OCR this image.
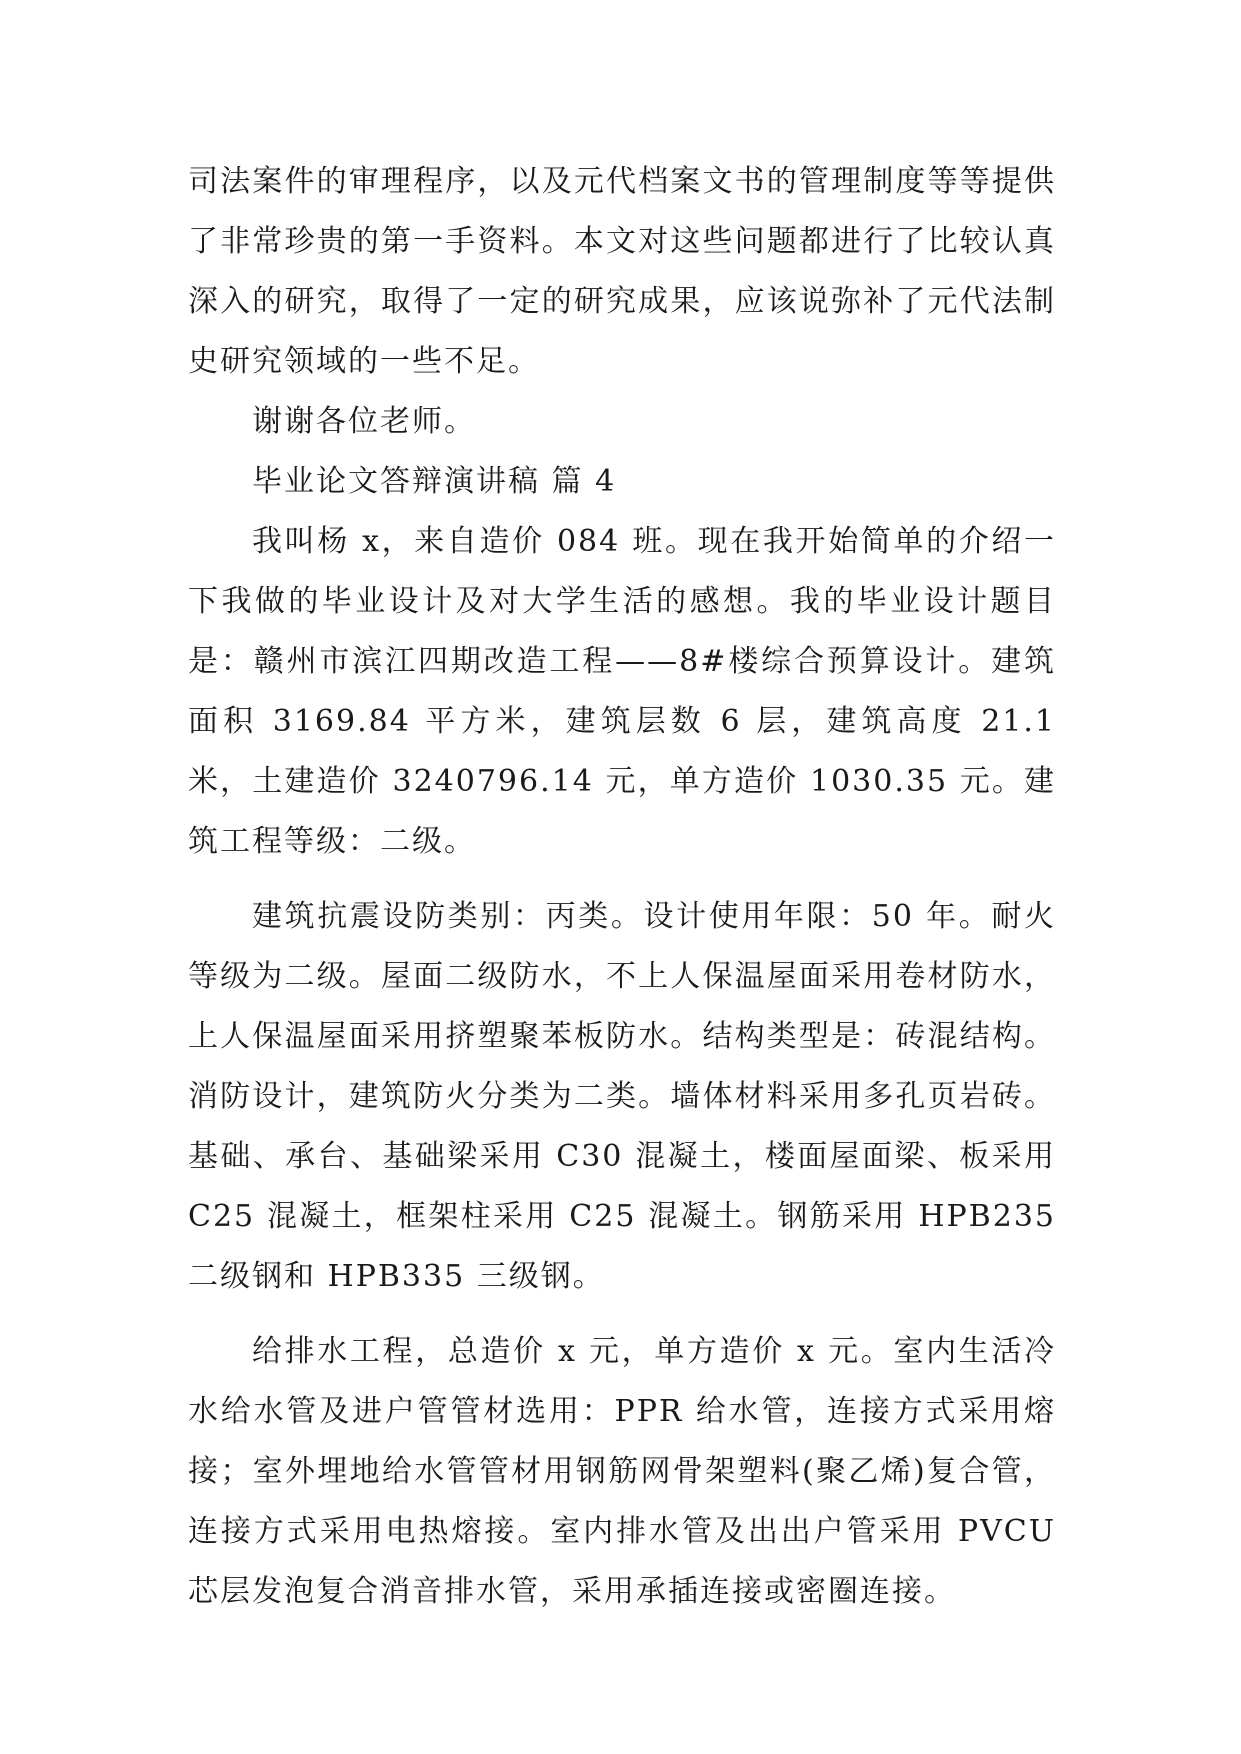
司法案件的审理程序，以及元代档案文书的管理制度等等提供了非常珍贵的第一手资料。本文对这些问题都进行了比较认真深入的研究，取得了一定的研究成果，应该说弥补了元代法制史研究领域的一些不足。

谢谢各位老师。

毕业论文答辩演讲稿 篇 4

我叫杨 x，来自造价 084 班。现在我开始简单的介绍一下我做的毕业设计及对大学生活的感想。我的毕业设计题目是：赣州市滨江四期改造工程——8#楼综合预算设计。建筑面积 3169.84 平方米，建筑层数 6 层，建筑高度 21.1 米，土建造价 3240796.14 元，单方造价 1030.35 元。建筑工程等级：二级。

建筑抗震设防类别：丙类。设计使用年限：50 年。耐火等级为二级。屋面二级防水，不上人保温屋面采用卷材防水，上人保温屋面采用挤塑聚苯板防水。结构类型是：砖混结构。消防设计，建筑防火分类为二类。墙体材料采用多孔页岩砖。基础、承台、基础梁采用 C30 混凝土，楼面屋面梁、板采用 C25 混凝土，框架柱采用 C25 混凝土。钢筋采用 HPB235 二级钢和 HPB335 三级钢。

给排水工程，总造价 x 元，单方造价 x 元。室内生活冷水给水管及进户管管材选用：PPR 给水管，连接方式采用熔接；室外埋地给水管管材用钢筋网骨架塑料(聚乙烯)复合管，连接方式采用电热熔接。室内排水管及出出户管采用 PVCU 芯层发泡复合消音排水管，采用承插连接或密圈连接。
